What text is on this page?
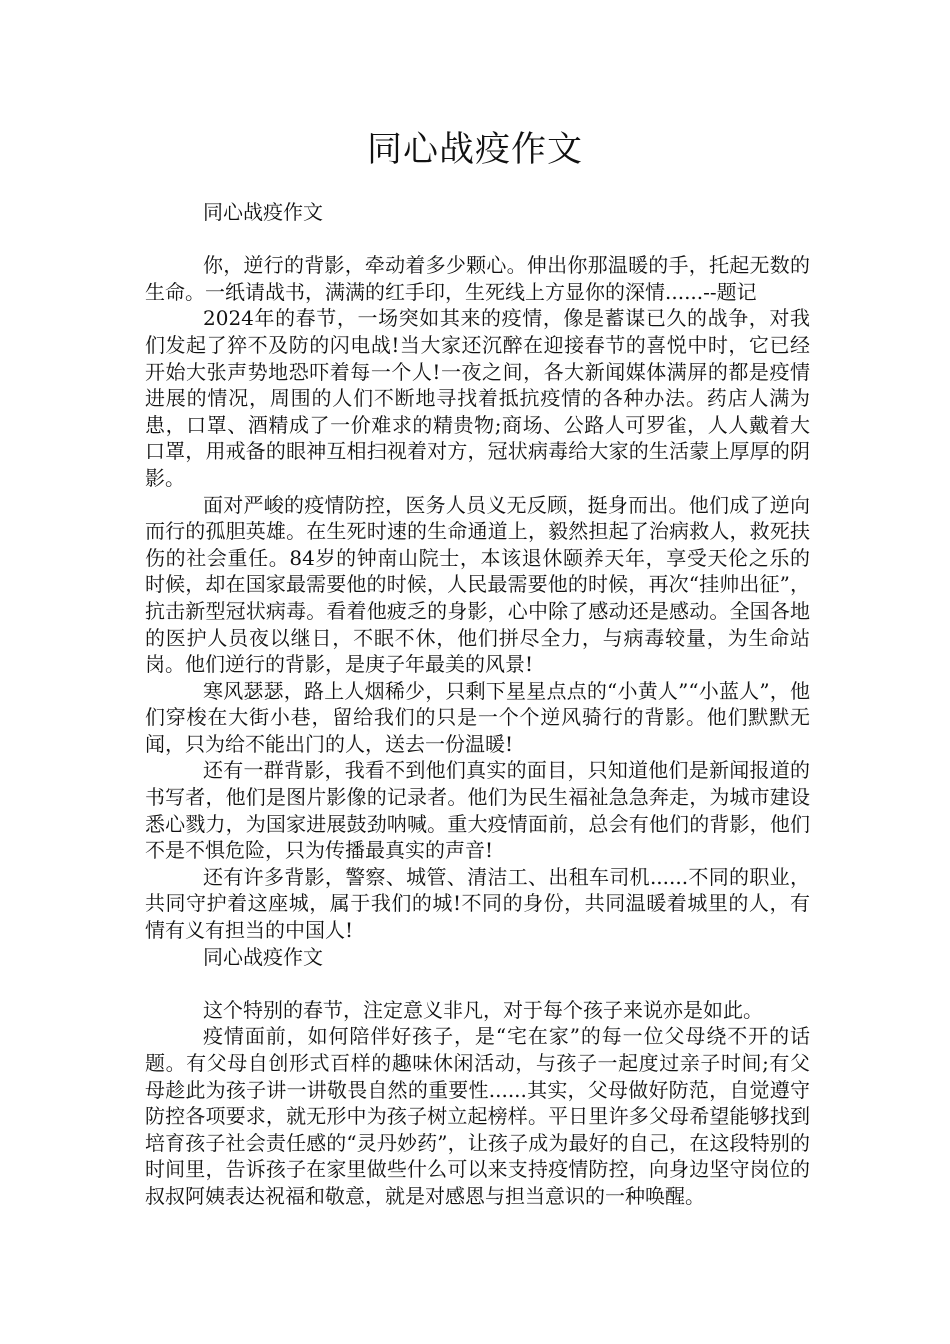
同心战疫作文

同心战疫作文

你，逆行的背影，牵动着多少颗心。伸出你那温暖的手，托起无数的生命。一纸请战书，满满的红手印，生死线上方显你的深情......--题记

2024年的春节，一场突如其来的疫情，像是蓄谋已久的战争，对我们发起了猝不及防的闪电战!当大家还沉醉在迎接春节的喜悦中时，它已经开始大张声势地恐吓着每一个人!一夜之间，各大新闻媒体满屏的都是疫情进展的情况，周围的人们不断地寻找着抵抗疫情的各种办法。药店人满为患，口罩、酒精成了一价难求的精贵物;商场、公路人可罗雀，人人戴着大口罩，用戒备的眼神互相扫视着对方，冠状病毒给大家的生活蒙上厚厚的阴影。

面对严峻的疫情防控，医务人员义无反顾，挺身而出。他们成了逆向而行的孤胆英雄。在生死时速的生命通道上，毅然担起了治病救人，救死扶伤的社会重任。84岁的钟南山院士，本该退休颐养天年，享受天伦之乐的时候，却在国家最需要他的时候，人民最需要他的时候，再次“挂帅出征”，抗击新型冠状病毒。看着他疲乏的身影，心中除了感动还是感动。全国各地的医护人员夜以继日，不眠不休，他们拼尽全力，与病毒较量，为生命站岗。他们逆行的背影，是庚子年最美的风景!

寒风瑟瑟，路上人烟稀少，只剩下星星点点的“小黄人”“小蓝人”，他们穿梭在大街小巷，留给我们的只是一个个逆风骑行的背影。他们默默无闻，只为给不能出门的人，送去一份温暖!

还有一群背影，我看不到他们真实的面目，只知道他们是新闻报道的书写者，他们是图片影像的记录者。他们为民生福祉急急奔走，为城市建设悉心戮力，为国家进展鼓劲呐喊。重大疫情面前，总会有他们的背影，他们不是不惧危险，只为传播最真实的声音!

还有许多背影，警察、城管、清洁工、出租车司机......不同的职业，共同守护着这座城，属于我们的城!不同的身份，共同温暖着城里的人，有情有义有担当的中国人!

同心战疫作文

这个特别的春节，注定意义非凡，对于每个孩子来说亦是如此。

疫情面前，如何陪伴好孩子，是“宅在家”的每一位父母绕不开的话题。有父母自创形式百样的趣味休闲活动，与孩子一起度过亲子时间;有父母趁此为孩子讲一讲敬畏自然的重要性......其实，父母做好防范，自觉遵守防控各项要求，就无形中为孩子树立起榜样。平日里许多父母希望能够找到培育孩子社会责任感的“灵丹妙药”，让孩子成为最好的自己，在这段特别的时间里，告诉孩子在家里做些什么可以来支持疫情防控，向身边坚守岗位的叔叔阿姨表达祝福和敬意，就是对感恩与担当意识的一种唤醒。
